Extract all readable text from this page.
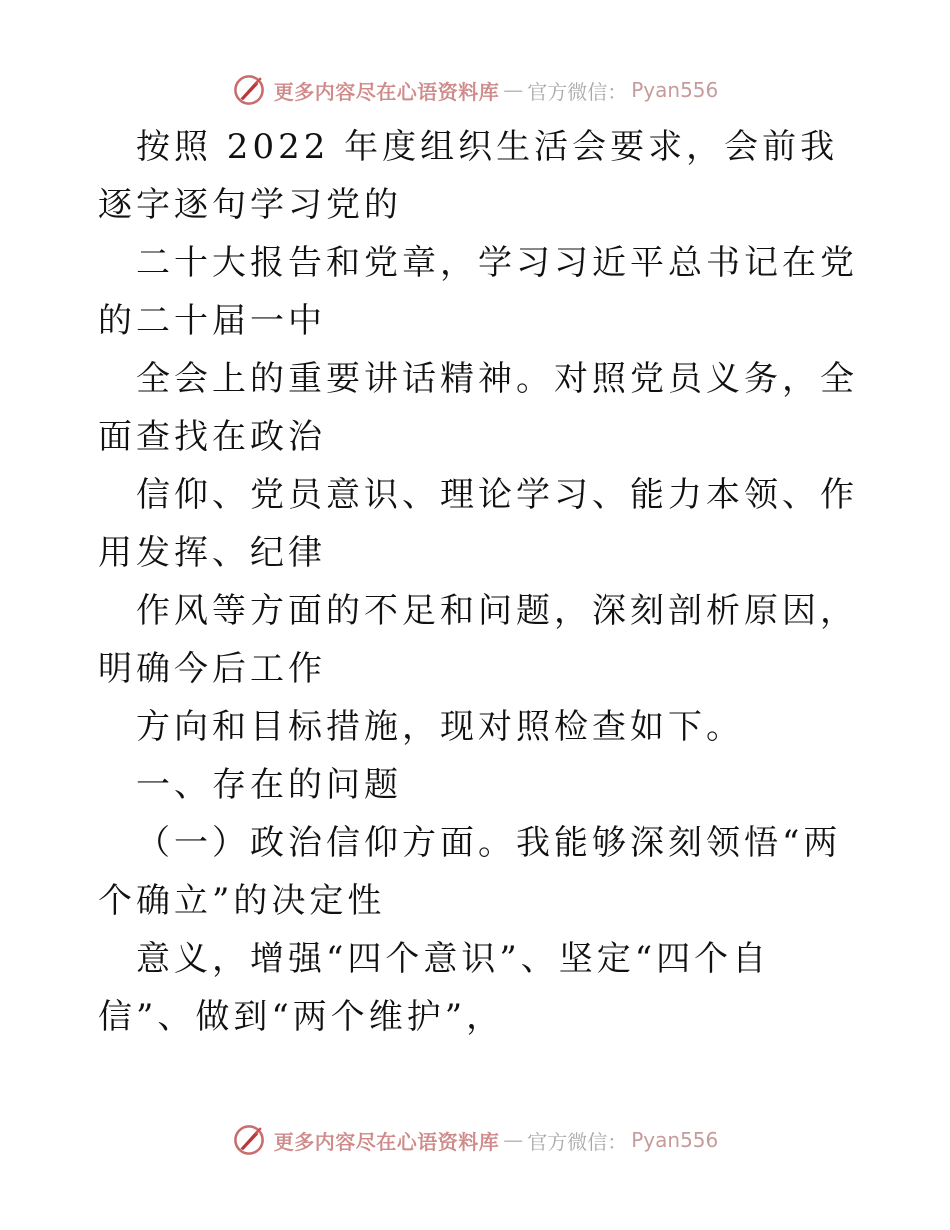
更多内容尽在心语资料库 — 官方微信： Pyan556

按照 2022 年度组织生活会要求，会前我逐字逐句学习党的

二十大报告和党章，学习习近平总书记在党的二十届一中

全会上的重要讲话精神。对照党员义务，全面查找在政治

信仰、党员意识、理论学习、能力本领、作用发挥、纪律

作风等方面的不足和问题，深刻剖析原因，明确今后工作

方向和目标措施，现对照检查如下。

一、存在的问题

（一）政治信仰方面。我能够深刻领悟“两个确立”的决定性

意义，增强“四个意识”、坚定“四个自信”、做到“两个维护”，

更多内容尽在心语资料库 — 官方微信： Pyan556
